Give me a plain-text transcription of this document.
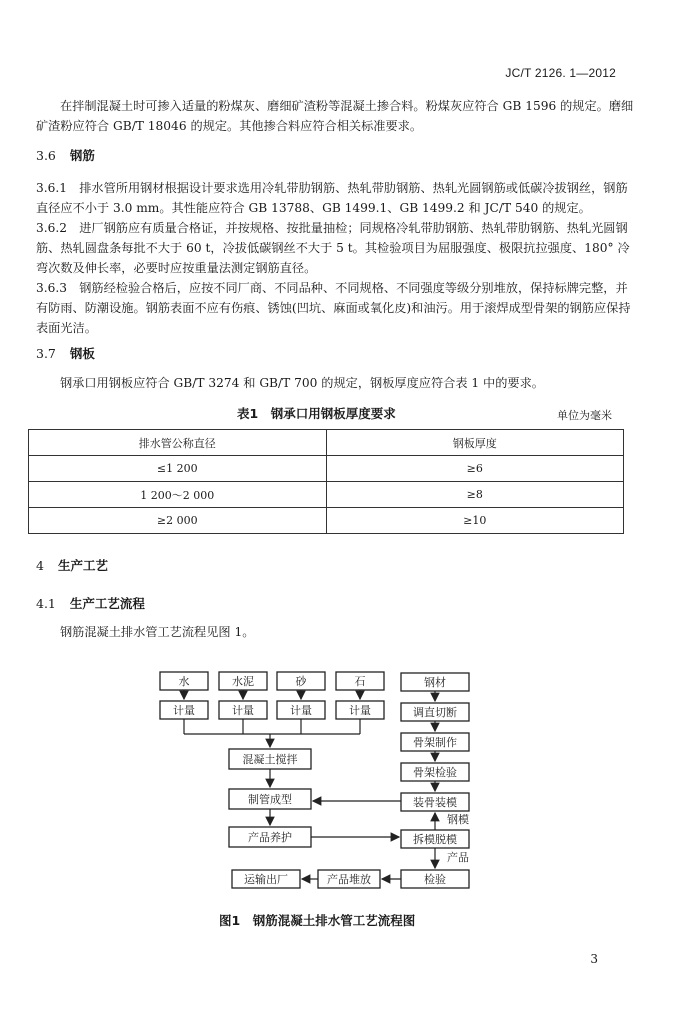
JC/T 2126. 1—2012
在拌制混凝土时可掺入适量的粉煤灰、磨细矿渣粉等混凝土掺合料。粉煤灰应符合 GB 1596 的规定。磨细矿渣粉应符合 GB/T 18046 的规定。其他掺合料应符合相关标准要求。
3.6 钢筋
3.6.1　排水管所用钢材根据设计要求选用冷轧带肋钢筋、热轧带肋钢筋、热轧光圆钢筋或低碳冷拔钢丝，钢筋直径应不小于 3.0 mm。其性能应符合 GB 13788、GB 1499.1、GB 1499.2 和 JC/T 540 的规定。
3.6.2　进厂钢筋应有质量合格证，并按规格、按批量抽检；同规格冷轧带肋钢筋、热轧带肋钢筋、热轧光圆钢筋、热轧圆盘条每批不大于 60 t，冷拔低碳钢丝不大于 5 t。其检验项目为屈服强度、极限抗拉强度、180° 冷弯次数及伸长率，必要时应按重量法测定钢筋直径。
3.6.3　钢筋经检验合格后，应按不同厂商、不同品种、不同规格、不同强度等级分别堆放，保持标牌完整，并有防雨、防潮设施。钢筋表面不应有伤痕、锈蚀(凹坑、麻面或氧化皮)和油污。用于滚焊成型骨架的钢筋应保持表面光洁。
3.7 钢板
钢承口用钢板应符合 GB/T 3274 和 GB/T 700 的规定，钢板厚度应符合表 1 中的要求。
表1　钢承口用钢板厚度要求	单位为毫米
排水管公称直径	钢板厚度
≤1 200	≥6
1 200～2 000	≥8
≥2 000	≥10
4 生产工艺
4.1 生产工艺流程
钢筋混凝土排水管工艺流程见图 1。
水	水泥	砂	石
计量	计量	计量	计量
混凝土搅拌
制管成型
产品养护
钢材
调直切断
骨架制作
骨架检验
装骨装模
钢模
拆模脱模
产品
检验
产品堆放
运输出厂
图1　钢筋混凝土排水管工艺流程图
3
